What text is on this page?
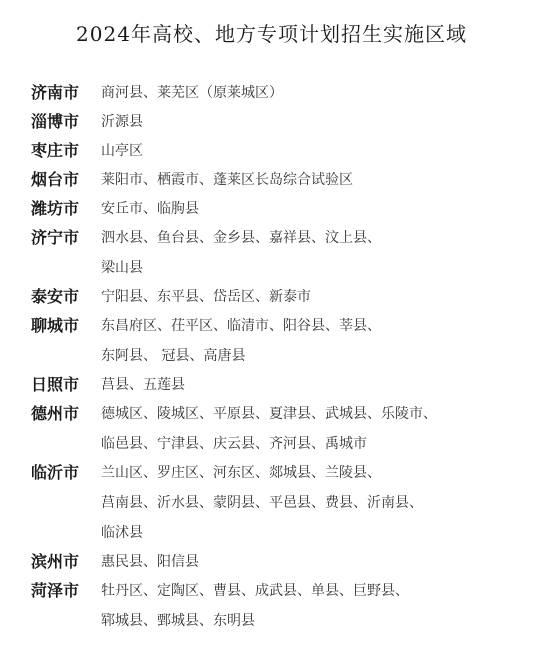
2024年高校、地方专项计划招生实施区域
济南市	商河县、莱芜区（原莱城区）
淄博市	沂源县
枣庄市	山亭区
烟台市	莱阳市、栖霞市、蓬莱区长岛综合试验区
潍坊市	安丘市、临朐县
济宁市	泗水县、鱼台县、金乡县、嘉祥县、汶上县、
梁山县
泰安市	宁阳县、东平县、岱岳区、新泰市
聊城市	东昌府区、茌平区、临清市、阳谷县、莘县、
东阿县、 冠县、高唐县
日照市	莒县、五莲县
德州市	德城区、陵城区、平原县、夏津县、武城县、乐陵市、
临邑县、宁津县、庆云县、齐河县、禹城市
临沂市	兰山区、罗庄区、河东区、郯城县、兰陵县、
莒南县、沂水县、蒙阴县、平邑县、费县、沂南县、
临沭县
滨州市	惠民县、阳信县
菏泽市	牡丹区、定陶区、曹县、成武县、单县、巨野县、
郓城县、鄄城县、东明县
